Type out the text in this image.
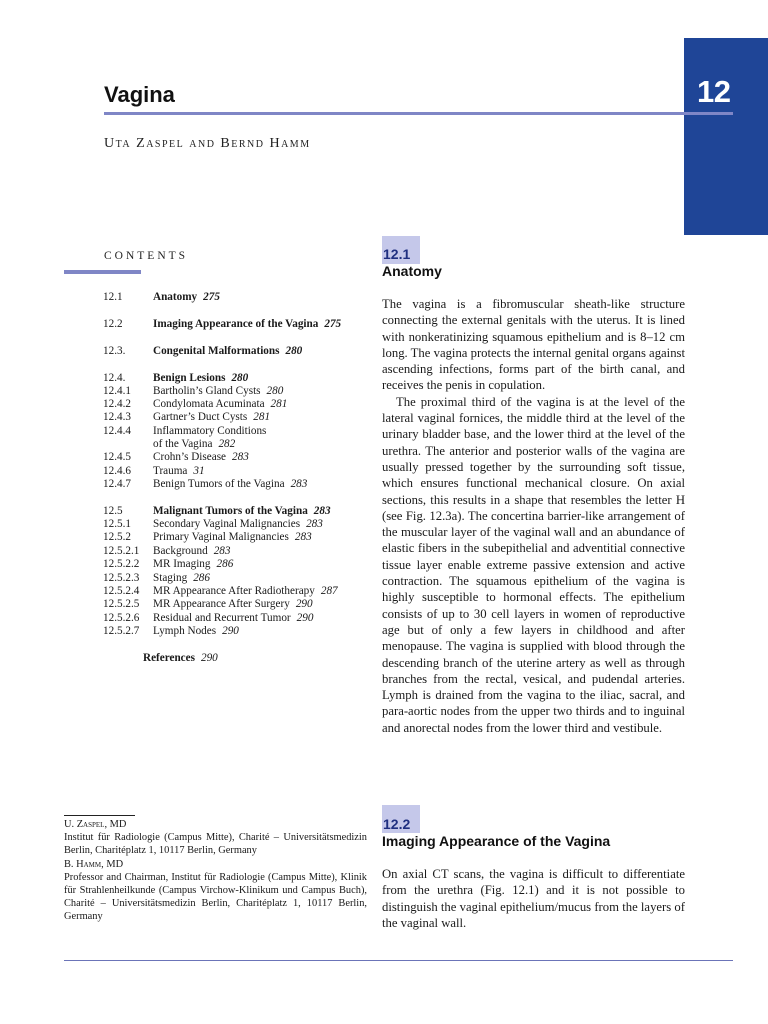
12
Vagina
Uta Zaspel and Bernd Hamm
CONTENTS
12.1	Anatomy 275
12.2	Imaging Appearance of the Vagina 275
12.3. Congenital Malformations 280
12.4. Benign Lesions 280
12.4.1 Bartholin’s Gland Cysts 280
12.4.2 Condylomata Acuminata 281
12.4.3 Gartner’s Duct Cysts 281
12.4.4 Inflammatory Conditions
of the Vagina 282
12.4.5 Crohn’s Disease 283
12.4.6 Trauma 31
12.4.7 Benign Tumors of the Vagina 283
12.5	Malignant Tumors of the Vagina 283
12.5.1 Secondary Vaginal Malignancies 283
12.5.2 Primary Vaginal Malignancies 283
12.5.2.1 Background 283
12.5.2.2 MR Imaging 286
12.5.2.3 Staging 286
12.5.2.4 MR Appearance After Radiotherapy 287
12.5.2.5 MR Appearance After Surgery 290
12.5.2.6 Residual and Recurrent Tumor 290
12.5.2.7 Lymph Nodes 290
References 290
12.1
Anatomy

The vagina is a fibromuscular sheath-like structure connecting the external genitals with the uterus. It is lined with nonkeratinizing squamous epithelium and is 8–12 cm long. The vagina protects the internal genital organs against ascending infections, forms part of the birth canal, and receives the penis in copulation.

The proximal third of the vagina is at the level of the lateral vaginal fornices, the middle third at the level of the urinary bladder base, and the lower third at the level of the urethra. The anterior and posterior walls of the vagina are usually pressed together by the surrounding soft tissue, which ensures functional mechanical closure. On axial sections, this results in a shape that resembles the letter H (see Fig. 12.3a). The concertina barrier-like arrangement of the muscular layer of the vaginal wall and an abundance of elastic fibers in the subepithelial and adventitial connective tissue layer enable extreme passive extension and active contraction. The squamous epithelium of the vagina is highly susceptible to hormonal effects. The epithelium consists of up to 30 cell layers in women of reproductive age but of only a few layers in childhood and after menopause. The vagina is supplied with blood through the descending branch of the uterine artery as well as through branches from the rectal, vesical, and pudendal arteries. Lymph is drained from the vagina to the iliac, sacral, and para-aortic nodes from the upper two thirds and to inguinal and anorectal nodes from the lower third and vestibule.

12.2
Imaging Appearance of the Vagina

On axial CT scans, the vagina is difficult to differentiate from the urethra (Fig. 12.1) and it is not possible to distinguish the vaginal epithelium/mucus from the layers of the vaginal wall.

U. Zaspel, MD
Institut für Radiologie (Campus Mitte), Charité – Universitätsmedizin Berlin, Charitéplatz 1, 10117 Berlin, Germany
B. Hamm, MD
Professor and Chairman, Institut für Radiologie (Campus Mitte), Klinik für Strahlenheilkunde (Campus Virchow-Klinikum und Campus Buch), Charité – Universitätsmedizin Berlin, Charitéplatz 1, 10117 Berlin, Germany
